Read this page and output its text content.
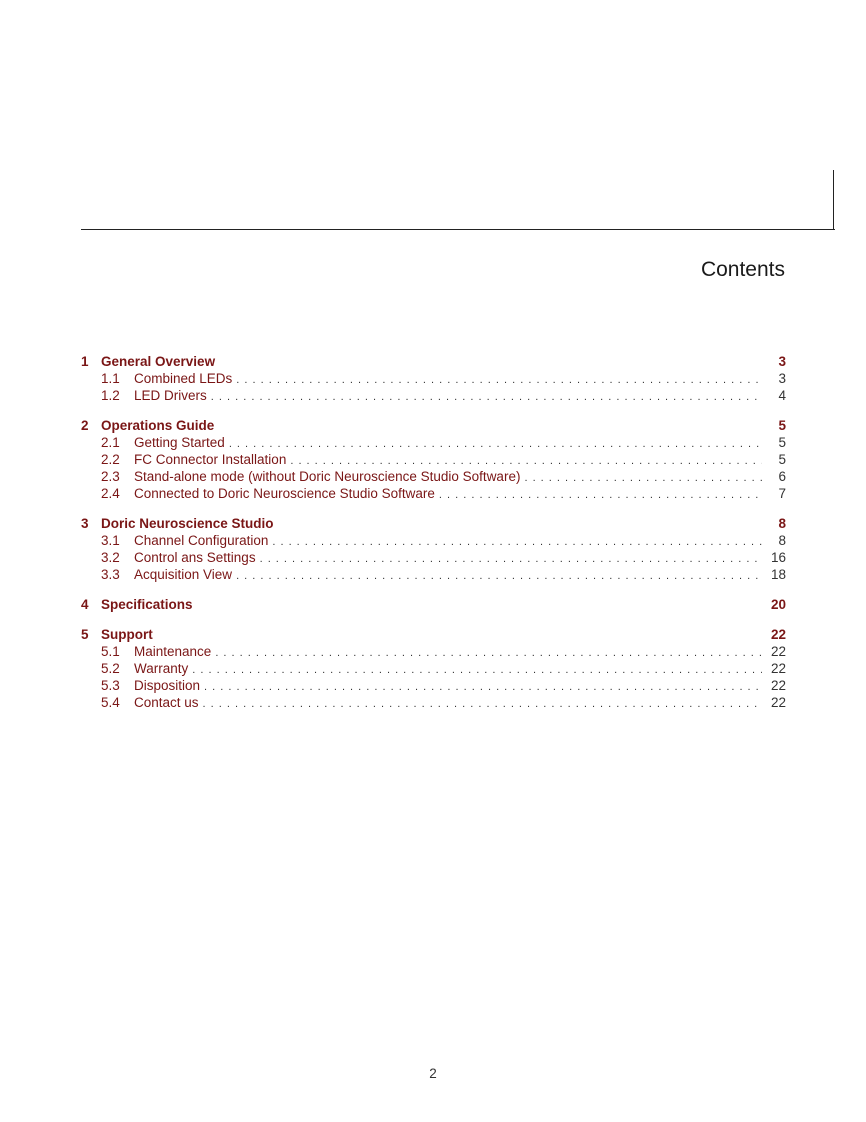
Contents
1 General Overview	3
1.1	Combined LEDs . . .	3
1.2	LED Drivers . . .	4
2 Operations Guide	5
2.1	Getting Started . . .	5
2.2	FC Connector Installation . . .	5
2.3	Stand-alone mode (without Doric Neuroscience Studio Software) . . .	6
2.4	Connected to Doric Neuroscience Studio Software . . .	7
3 Doric Neuroscience Studio	8
3.1	Channel Configuration . . .	8
3.2	Control ans Settings . . .	16
3.3	Acquisition View . . .	18
4 Specifications	20
5 Support	22
5.1	Maintenance . . .	22
5.2	Warranty . . .	22
5.3	Disposition . . .	22
5.4	Contact us . . .	22
2
